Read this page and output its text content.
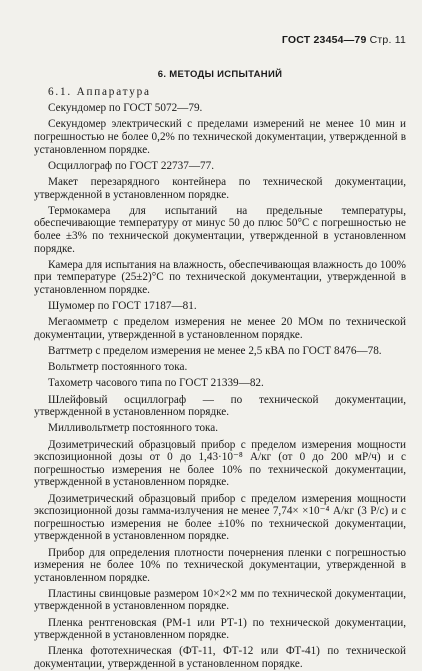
ГОСТ 23454—79 Стр. 11
6. МЕТОДЫ ИСПЫТАНИЙ

6.1. Аппаратура

Секундомер по ГОСТ 5072—79.

Секундомер электрический с пределами измерений не менее 10 мин и погрешностью не более 0,2% по технической документации, утвержденной в установленном порядке.

Осциллограф по ГОСТ 22737—77.

Макет перезарядного контейнера по технической документации, утвержденной в установленном порядке.

Термокамера для испытаний на предельные температуры, обеспечивающие температуру от минус 50 до плюс 50°С с погрешностью не более ±3% по технической документации, утвержденной в установленном порядке.

Камера для испытания на влажность, обеспечивающая влажность до 100% при температуре (25±2)°С по технической документации, утвержденной в установленном порядке.

Шумомер по ГОСТ 17187—81.

Мегаомметр с пределом измерения не менее 20 МОм по технической документации, утвержденной в установленном порядке.

Ваттметр с пределом измерения не менее 2,5 кВА по ГОСТ 8476—78.

Вольтметр постоянного тока.

Тахометр часового типа по ГОСТ 21339—82.

Шлейфовый осциллограф — по технической документации, утвержденной в установленном порядке.

Милливольтметр постоянного тока.

Дозиметрический образцовый прибор с пределом измерения мощности экспозиционной дозы от 0 до 1,43·10⁻⁸ А/кг (от 0 до 200 мР/ч) и с погрешностью измерения не более 10% по технической документации, утвержденной в установленном порядке.

Дозиметрический образцовый прибор с пределом измерения мощности экспозиционной дозы гамма-излучения не менее 7,74× ×10⁻⁴ А/кг (3 Р/с) и с погрешностью измерения не более ±10% по технической документации, утвержденной в установленном порядке.

Прибор для определения плотности почернения пленки с погрешностью измерения не более 10% по технической документации, утвержденной в установленном порядке.

Пластины свинцовые размером 10×2×2 мм по технической документации, утвержденной в установленном порядке.

Пленка рентгеновская (РМ-1 или РТ-1) по технической документации, утвержденной в установленном порядке.

Пленка фототехническая (ФТ-11, ФТ-12 или ФТ-41) по технической документации, утвержденной в установленном порядке.
